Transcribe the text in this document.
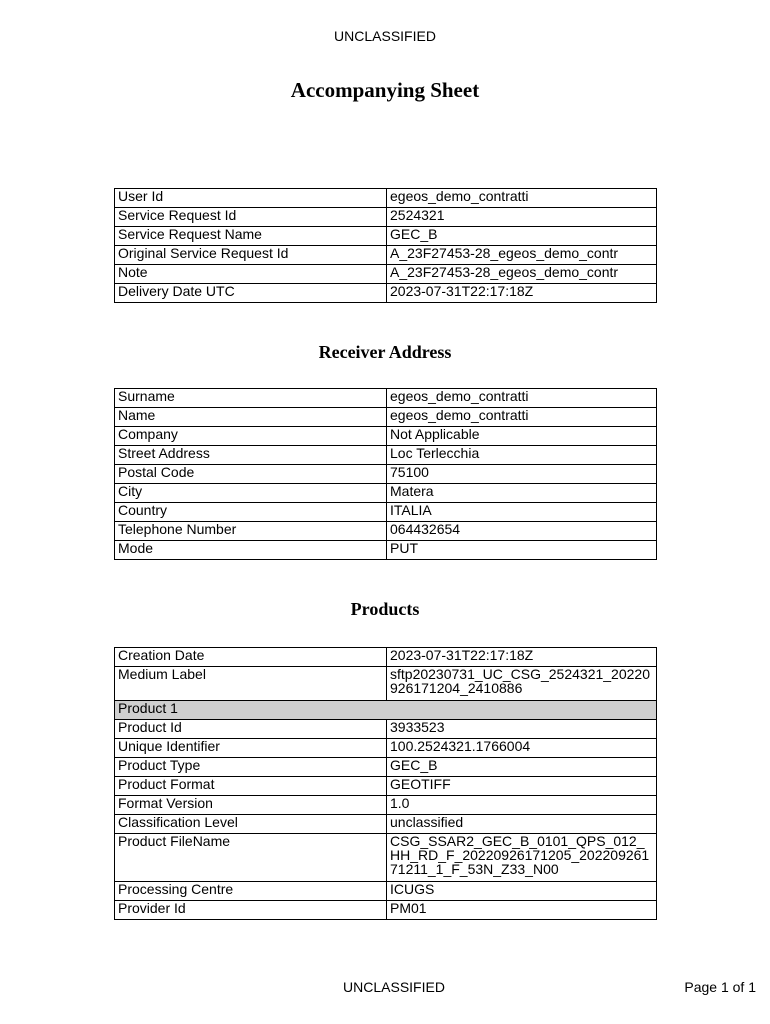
UNCLASSIFIED
Accompanying Sheet
User Id	egeos_demo_contratti
Service Request Id	2524321
Service Request Name	GEC_B
Original Service Request Id	A_23F27453-28_egeos_demo_contr
Note	A_23F27453-28_egeos_demo_contr
Delivery Date UTC	2023-07-31T22:17:18Z
Receiver Address
Surname	egeos_demo_contratti
Name	egeos_demo_contratti
Company	Not Applicable
Street Address	Loc Terlecchia
Postal Code	75100
City	Matera
Country	ITALIA
Telephone Number	064432654
Mode	PUT
Products
Creation Date	2023-07-31T22:17:18Z
Medium Label	sftp20230731_UC_CSG_2524321_20220926171204_2410886
Product 1	
Product Id	3933523
Unique Identifier	100.2524321.1766004
Product Type	GEC_B
Product Format	GEOTIFF
Format Version	1.0
Classification Level	unclassified
Product FileName	CSG_SSAR2_GEC_B_0101_QPS_012_HH_RD_F_20220926171205_20220926171211_1_F_53N_Z33_N00
Processing Centre	ICUGS
Provider Id	PM01
UNCLASSIFIED	Page 1 of 1
